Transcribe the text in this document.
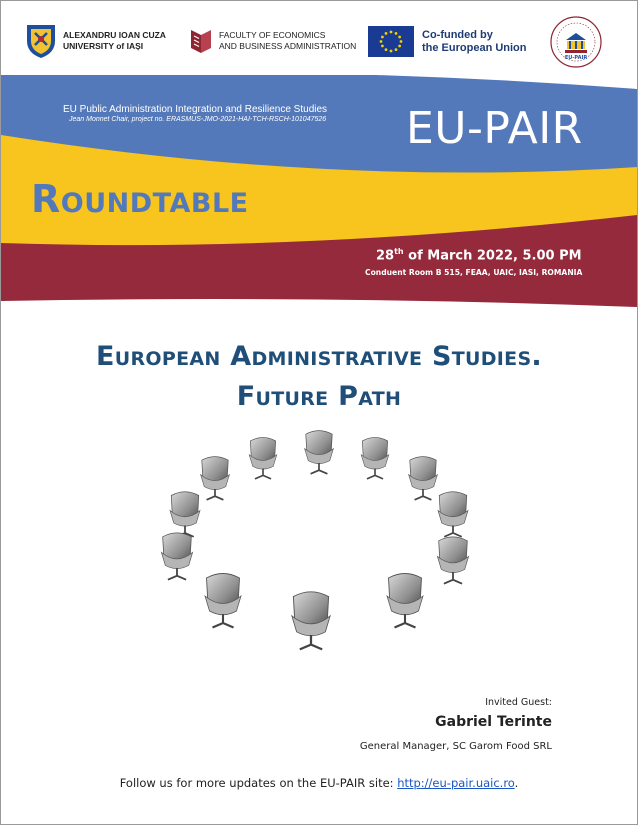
ALEXANDRU IOAN CUZA
UNIVERSITY of IAȘI
FACULTY OF ECONOMICS
AND BUSINESS ADMINISTRATION
Co-funded by
the European Union
EU-PAIR
EU Public Administration Integration and Resilience Studies
Jean Monnet Chair, project no. ERASMUS-JMO-2021-HAI-TCH-RSCH-101047526 EU-PAIR
Roundtable
28th of March 2022, 5.00 PM
Conduent Room B 515, FEAA, UAIC, IASI, ROMANIA
European Administrative Studies.
Future Path
Invited Guest:
Gabriel Terinte
General Manager, SC Garom Food SRL
Follow us for more updates on the EU-PAIR site: http://eu-pair.uaic.ro.
